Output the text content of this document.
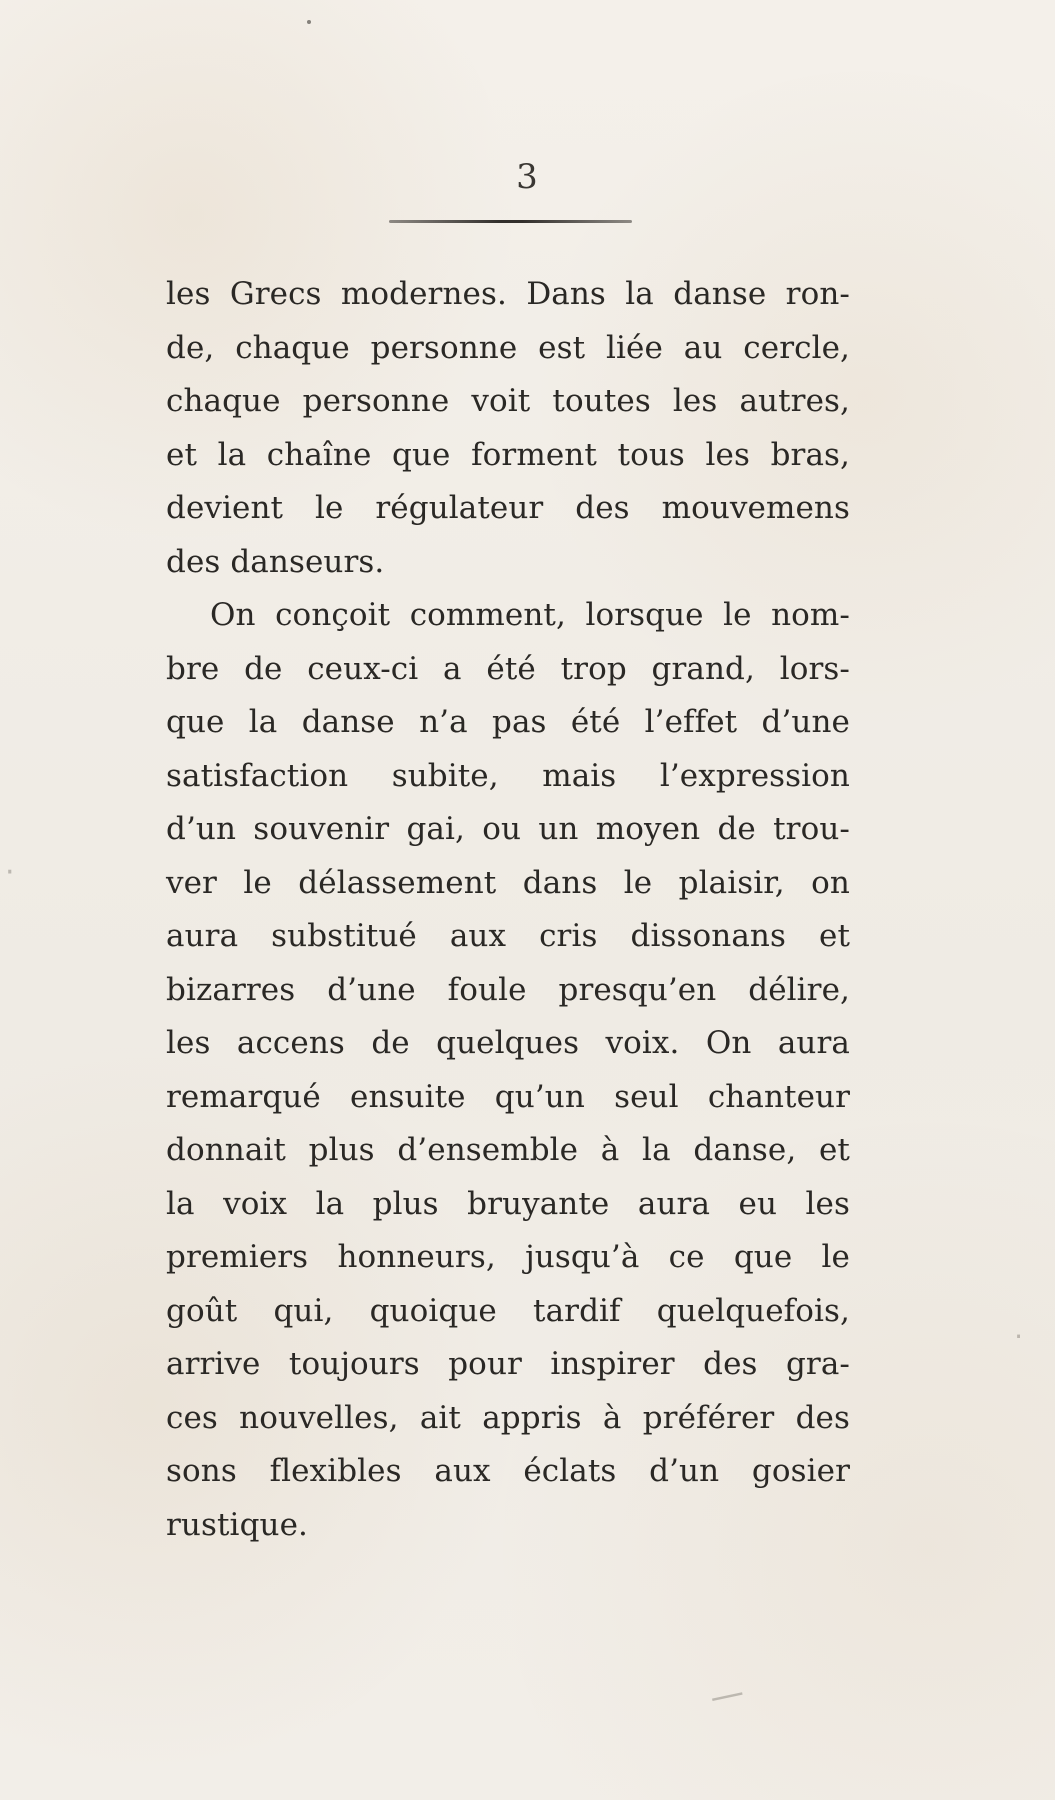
3
les Grecs modernes. Dans la danse ron-
de, chaque personne est liée au cercle,
chaque personne voit toutes les autres,
et la chaîne que forment tous les bras,
devient le régulateur des mouvemens
des danseurs.
On conçoit comment, lorsque le nom-
bre de ceux-ci a été trop grand, lors-
que la danse n’a pas été l’effet d’une
satisfaction subite, mais l’expression
d’un souvenir gai, ou un moyen de trou-
ver le délassement dans le plaisir, on
aura substitué aux cris dissonans et
bizarres d’une foule presqu’en délire,
les accens de quelques voix. On aura
remarqué ensuite qu’un seul chanteur
donnait plus d’ensemble à la danse, et
la voix la plus bruyante aura eu les
premiers honneurs, jusqu’à ce que le
goût qui, quoique tardif quelquefois,
arrive toujours pour inspirer des gra-
ces nouvelles, ait appris à préférer des
sons flexibles aux éclats d’un gosier
rustique.
·
·
—
